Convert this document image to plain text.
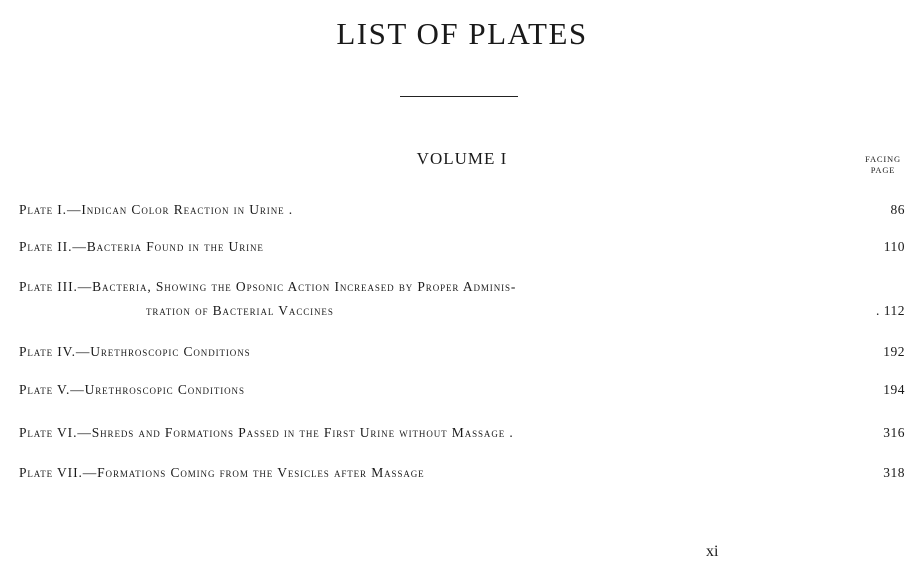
LIST OF PLATES
VOLUME I	FACING
PAGE
Plate I.—Indican Color Reaction in Urine .	86
Plate II.—Bacteria Found in the Urine	110
Plate III.—Bacteria, Showing the Opsonic Action Increased by Proper Adminis-
tration of Bacterial Vaccines	. 112
Plate IV.—Urethroscopic Conditions	192
Plate V.—Urethroscopic Conditions	194
Plate VI.—Shreds and Formations Passed in the First Urine without Massage .	316
Plate VII.—Formations Coming from the Vesicles after Massage	318
xi
